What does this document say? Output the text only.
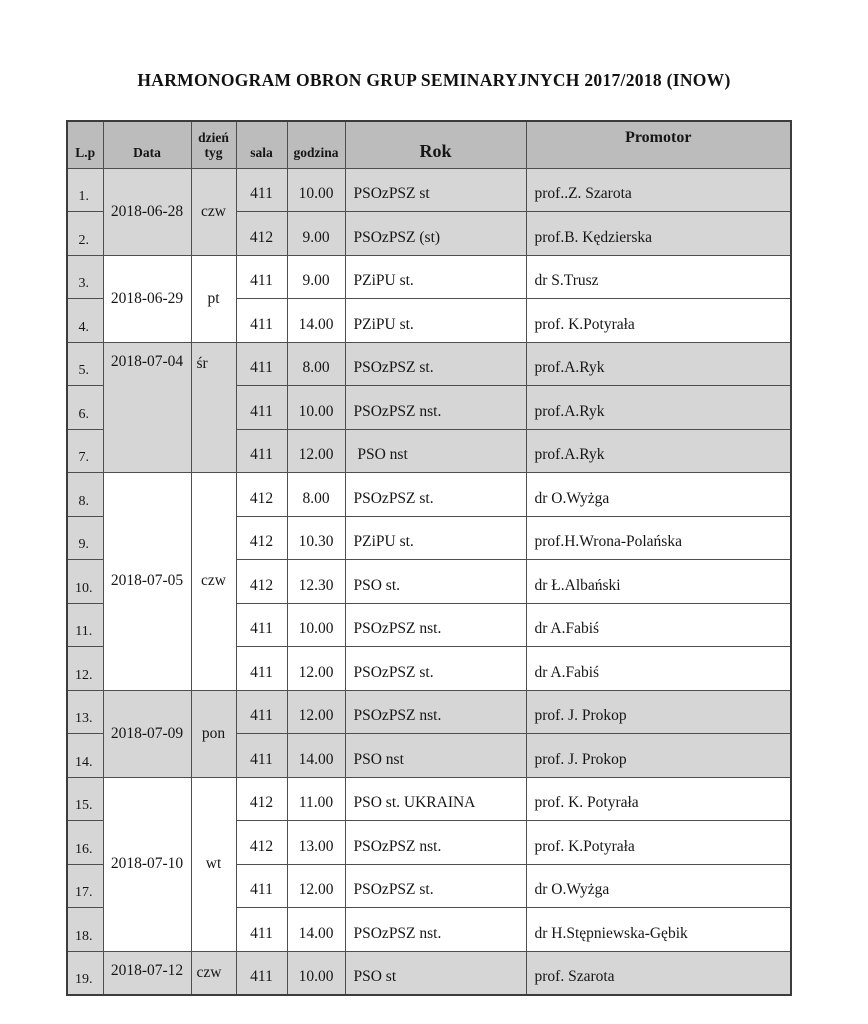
HARMONOGRAM OBRON GRUP SEMINARYJNYCH 2017/2018 (INOW)
L.p	Data	dzień tyg	sala	godzina	Rok	Promotor
1.	2018-06-28	czw	411	10.00	PSOzPSZ st	prof..Z. Szarota
2.			412	9.00	PSOzPSZ (st)	prof.B. Kędzierska
3.	2018-06-29	pt	411	9.00	PZiPU st.	dr S.Trusz
4.			411	14.00	PZiPU st.	prof. K.Potyrała
5.	2018-07-04	śr	411	8.00	PSOzPSZ st.	prof.A.Ryk
6.			411	10.00	PSOzPSZ nst.	prof.A.Ryk
7.			411	12.00	PSO nst	prof.A.Ryk
8.	2018-07-05	czw	412	8.00	PSOzPSZ st.	dr O.Wyżga
9.			412	10.30	PZiPU st.	prof.H.Wrona-Polańska
10.			412	12.30	PSO st.	dr Ł.Albański
11.			411	10.00	PSOzPSZ nst.	dr A.Fabiś
12.			411	12.00	PSOzPSZ st.	dr A.Fabiś
13.	2018-07-09	pon	411	12.00	PSOzPSZ nst.	prof. J. Prokop
14.			411	14.00	PSO nst	prof. J. Prokop
15.	2018-07-10	wt	412	11.00	PSO st. UKRAINA	prof. K. Potyrała
16.			412	13.00	PSOzPSZ nst.	prof. K.Potyrała
17.			411	12.00	PSOzPSZ st.	dr O.Wyżga
18.			411	14.00	PSOzPSZ nst.	dr H.Stępniewska-Gębik
19.	2018-07-12	czw	411	10.00	PSO st	prof. Szarota
